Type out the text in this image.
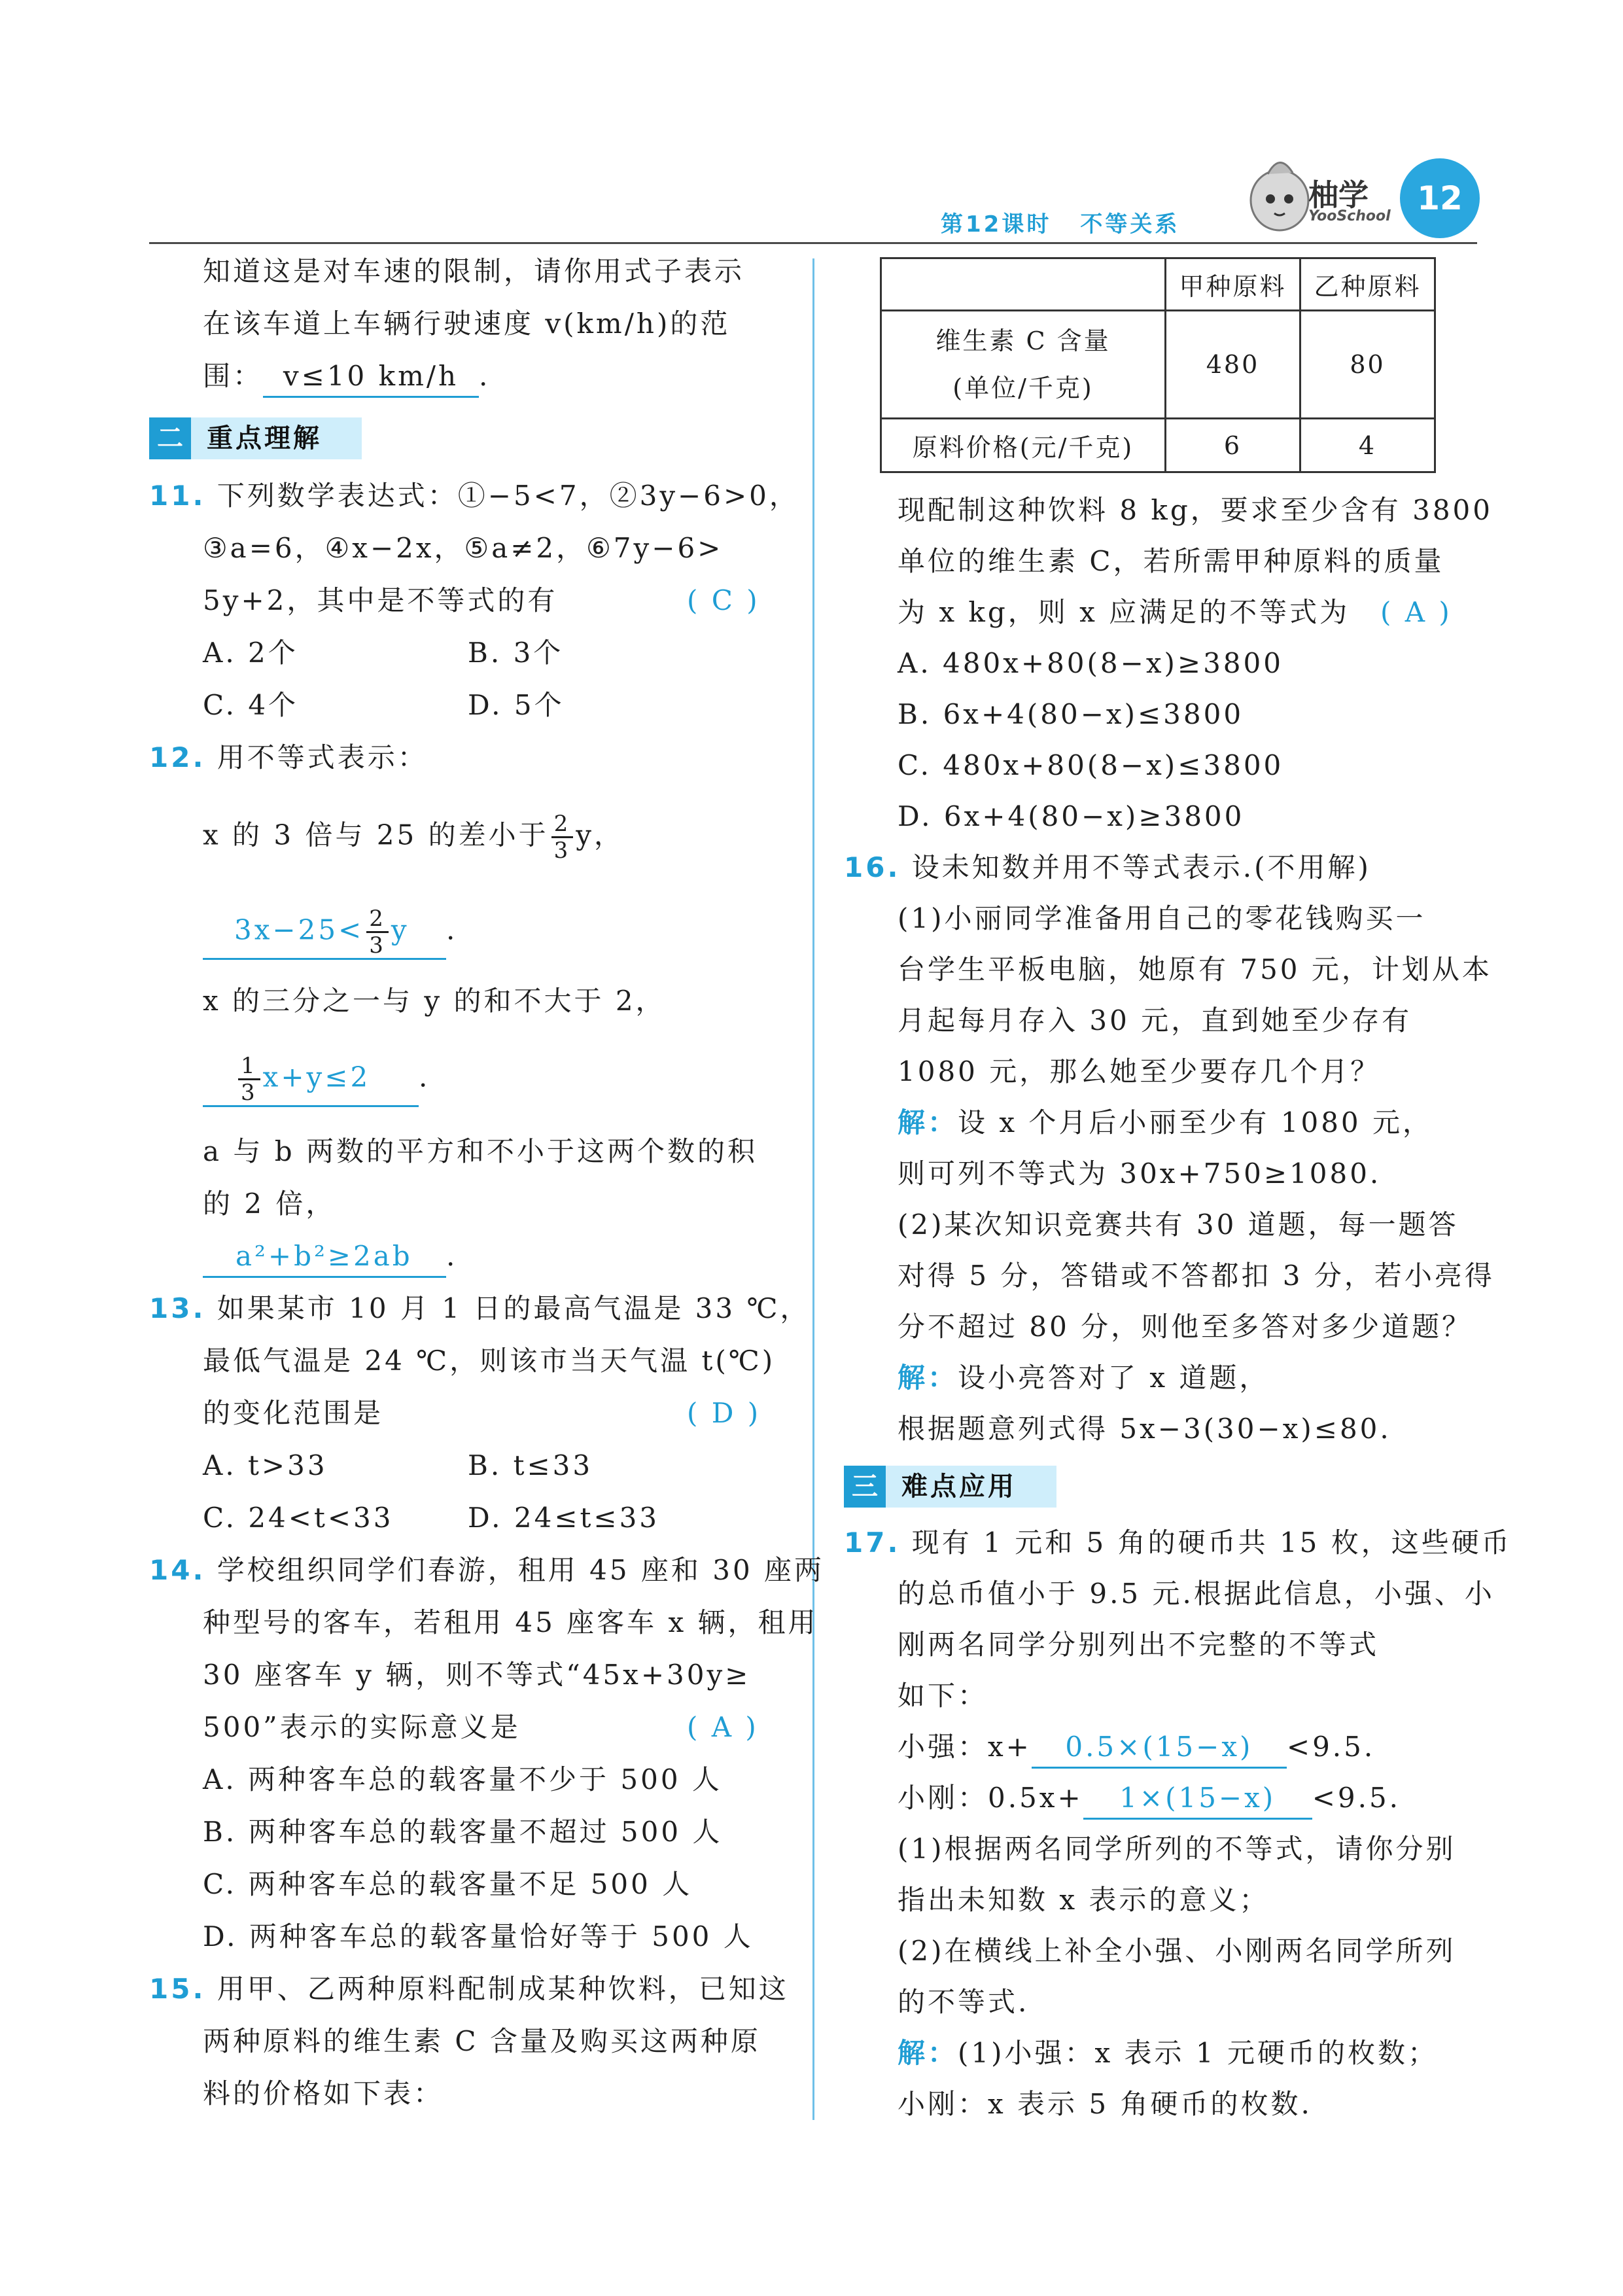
第12课时 不等关系
柚学
YooSchool 12
知道这是对车速的限制，请你用式子表示
在该车道上车辆行驶速度 v(km/h)的范
围： v≤10 km/h .
二 重点理解
11. 下列数学表达式：①−5<7，②3y−6>0，
③a=6，④x−2x，⑤a≠2，⑥7y−6>
5y+2，其中是不等式的有	( C )
A. 2个	B. 3个
C. 4个	D. 5个
12. 用不等式表示：
x 的 3 倍与 25 的差小于 $\frac{2}{3}$ y，
$3x-25< \frac{2}{3}$ y .
x 的三分之一与 y 的和不大于 2，
$\frac{1}{3} x+y\le 2$ .
a 与 b 两数的平方和不小于这两个数的积
的 2 倍，
a²+b²≥2ab .
13. 如果某市 10 月 1 日的最高气温是 33 ℃，
最低气温是 24 ℃，则该市当天气温 t(℃)
的变化范围是	( D )
A. t>33	B. t≤33
C. 24<t<33	D. 24≤t≤33
14. 学校组织同学们春游，租用 45 座和 30 座两
种型号的客车，若租用 45 座客车 x 辆，租用
30 座客车 y 辆，则不等式“45x+30y≥
500”表示的实际意义是	( A )
A. 两种客车总的载客量不少于 500 人
B. 两种客车总的载客量不超过 500 人
C. 两种客车总的载客量不足 500 人
D. 两种客车总的载客量恰好等于 500 人
15. 用甲、乙两种原料配制成某种饮料，已知这
两种原料的维生素 C 含量及购买这两种原
料的价格如下表：
	甲种原料	乙种原料

维生素 C 含量
(单位/千克)	480	80
原料价格(元/千克)	6	4
现配制这种饮料 8 kg，要求至少含有 3800
单位的维生素 C，若所需甲种原料的质量
为 x kg，则 x 应满足的不等式为 ( A )
A. 480x+80(8−x)≥3800
B. 6x+4(80−x)≤3800
C. 480x+80(8−x)≤3800
D. 6x+4(80−x)≥3800
16. 设未知数并用不等式表示.(不用解)
(1)小丽同学准备用自己的零花钱购买一
台学生平板电脑，她原有 750 元，计划从本
月起每月存入 30 元，直到她至少存有
1080 元，那么她至少要存几个月？
解：设 x 个月后小丽至少有 1080 元，
则可列不等式为 30x+750≥1080.
(2)某次知识竞赛共有 30 道题，每一题答
对得 5 分，答错或不答都扣 3 分，若小亮得
分不超过 80 分，则他至多答对多少道题？
解：设小亮答对了 x 道题，
根据题意列式得 5x−3(30−x)≤80.
三 难点应用
17. 现有 1 元和 5 角的硬币共 15 枚，这些硬币
的总币值小于 9.5 元.根据此信息，小强、小
刚两名同学分别列出不完整的不等式
如下：
小强：x+ 0.5×(15−x) <9.5.
小刚：0.5x+ 1×(15−x) <9.5.
(1)根据两名同学所列的不等式，请你分别
指出未知数 x 表示的意义；
(2)在横线上补全小强、小刚两名同学所列
的不等式.
解：(1)小强：x 表示 1 元硬币的枚数；
小刚：x 表示 5 角硬币的枚数.
